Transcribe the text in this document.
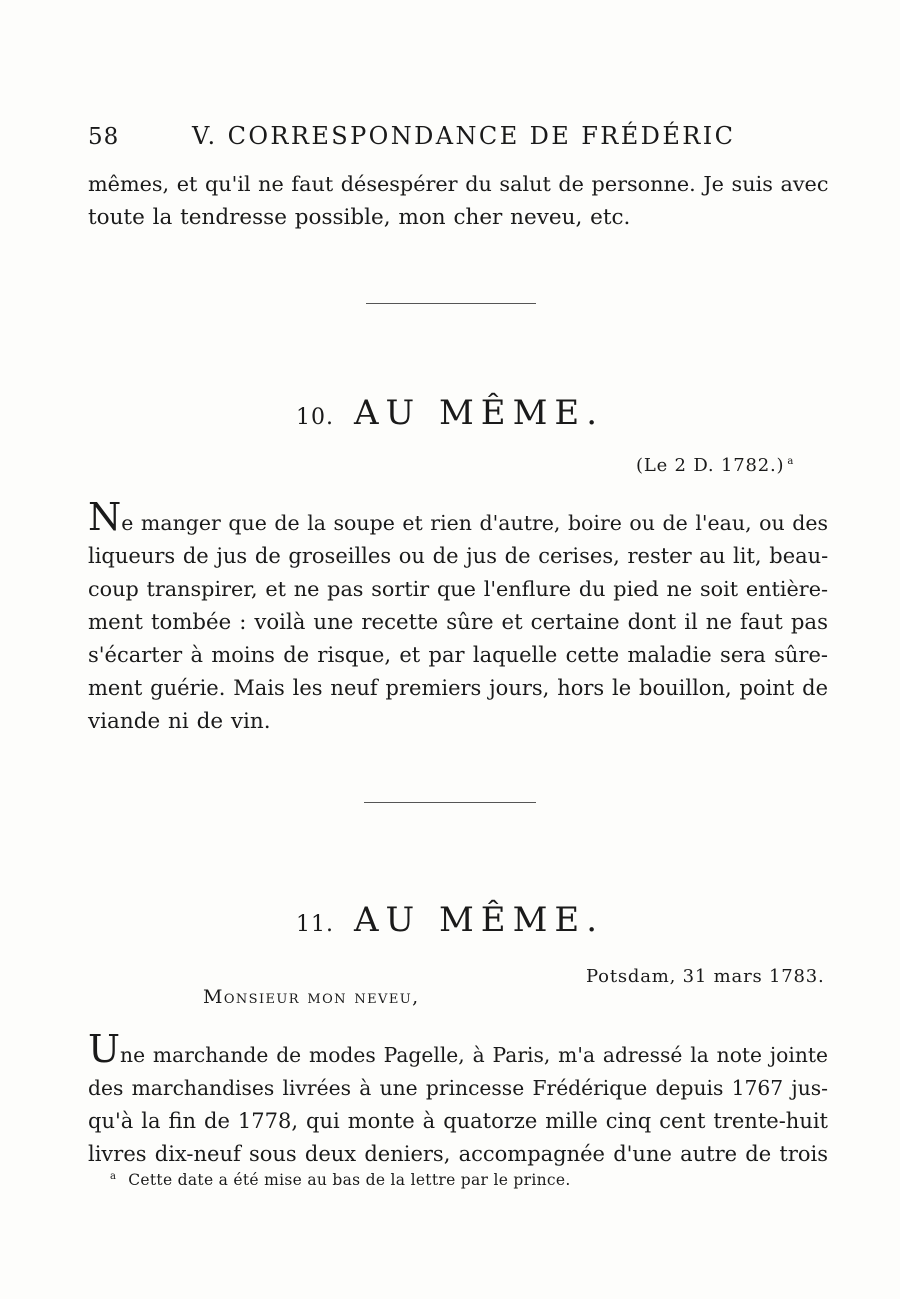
58	V. CORRESPONDANCE DE FRÉDÉRIC
mêmes, et qu'il ne faut désespérer du salut de personne. Je suis avec
toute la tendresse possible, mon cher neveu, etc.
10. AU MÊME.
(Le 2 D. 1782.) $^a$
Ne manger que de la soupe et rien d'autre, boire ou de l'eau, ou des
liqueurs de jus de groseilles ou de jus de cerises, rester au lit, beau-
coup transpirer, et ne pas sortir que l'enflure du pied ne soit entière-
ment tombée : voilà une recette sûre et certaine dont il ne faut pas
s'écarter à moins de risque, et par laquelle cette maladie sera sûre-
ment guérie. Mais les neuf premiers jours, hors le bouillon, point de
viande ni de vin.
11. AU MÊME.
Potsdam, 31 mars 1783.
Monsieur mon neveu,
Une marchande de modes Pagelle, à Paris, m'a adressé la note jointe
des marchandises livrées à une princesse Frédérique depuis 1767 jus-
qu'à la fin de 1778, qui monte à quatorze mille cinq cent trente-huit
livres dix-neuf sous deux deniers, accompagnée d'une autre de trois
$^a$ Cette date a été mise au bas de la lettre par le prince.
